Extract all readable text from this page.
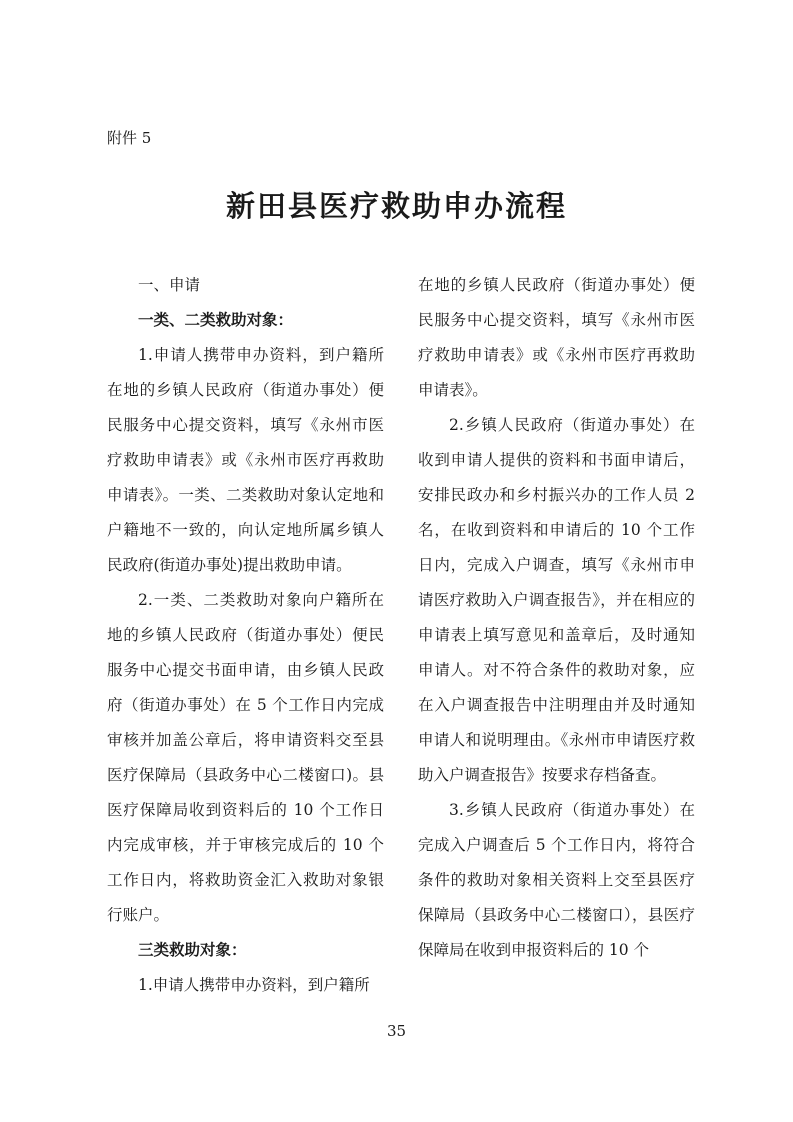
附件 5
新田县医疗救助申办流程

一、申请

一类、二类救助对象：

1.申请人携带申办资料，到户籍所在地的乡镇人民政府（街道办事处）便民服务中心提交资料，填写《永州市医疗救助申请表》或《永州市医疗再救助申请表》。一类、二类救助对象认定地和户籍地不一致的，向认定地所属乡镇人民政府(街道办事处)提出救助申请。

2.一类、二类救助对象向户籍所在地的乡镇人民政府（街道办事处）便民服务中心提交书面申请，由乡镇人民政府（街道办事处）在 5 个工作日内完成审核并加盖公章后，将申请资料交至县医疗保障局（县政务中心二楼窗口)。县医疗保障局收到资料后的 10 个工作日内完成审核，并于审核完成后的 10 个工作日内，将救助资金汇入救助对象银行账户。

三类救助对象：

1.申请人携带申办资料，到户籍所

在地的乡镇人民政府（街道办事处）便民服务中心提交资料，填写《永州市医疗救助申请表》或《永州市医疗再救助申请表》。

2.乡镇人民政府（街道办事处）在收到申请人提供的资料和书面申请后，安排民政办和乡村振兴办的工作人员 2 名，在收到资料和申请后的 10 个工作日内，完成入户调查，填写《永州市申请医疗救助入户调查报告》，并在相应的申请表上填写意见和盖章后，及时通知申请人。对不符合条件的救助对象，应在入户调查报告中注明理由并及时通知申请人和说明理由。《永州市申请医疗救助入户调查报告》按要求存档备查。

3.乡镇人民政府（街道办事处）在完成入户调查后 5 个工作日内，将符合条件的救助对象相关资料上交至县医疗保障局（县政务中心二楼窗口），县医疗保障局在收到申报资料后的 10 个

35
